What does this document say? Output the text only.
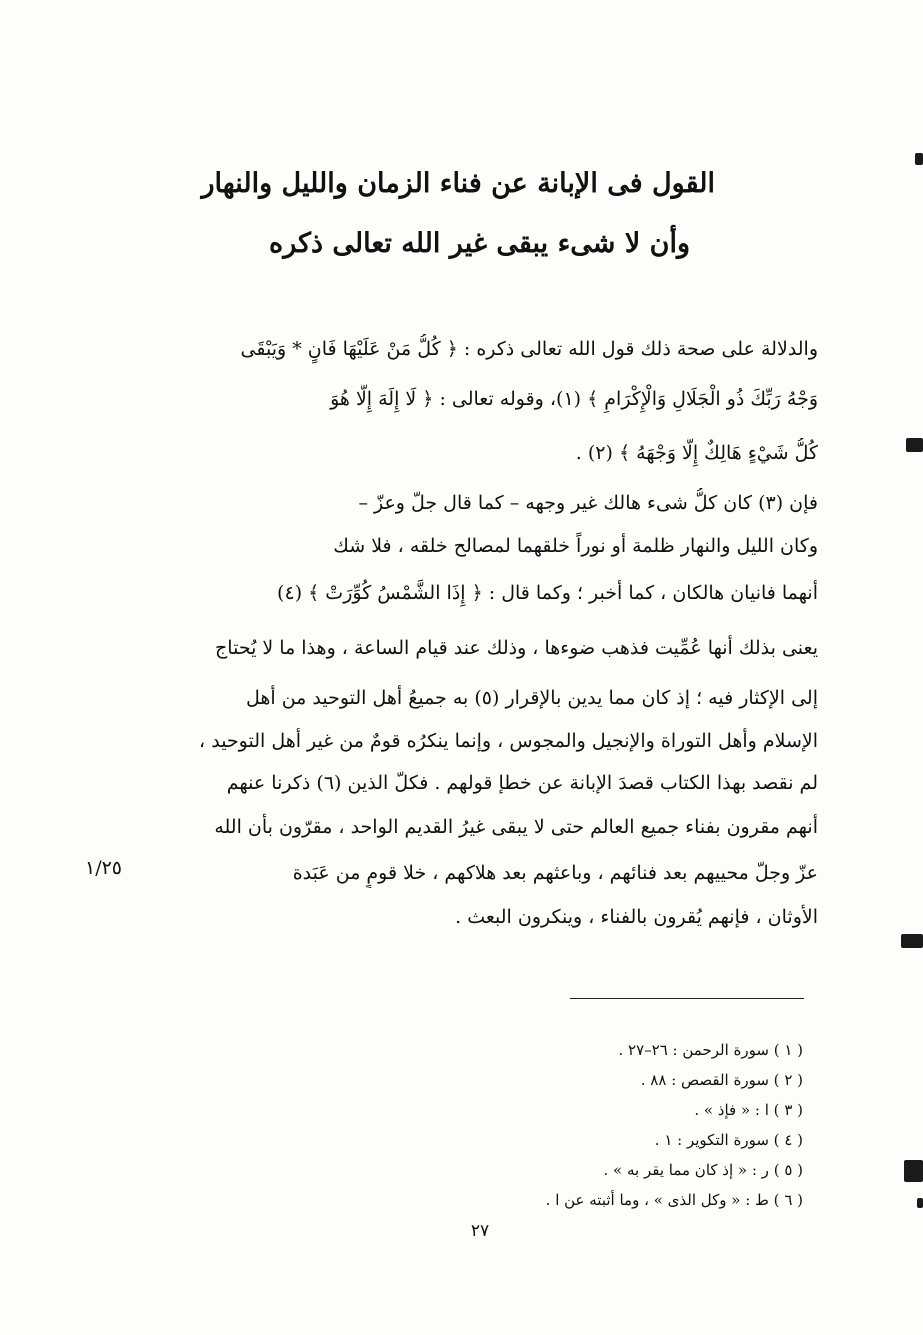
القول فى الإبانة عن فناء الزمان والليل والنهار
وأن لا شىء يبقى غير الله تعالى ذكره
والدلالة على صحة ذلك قول الله تعالى ذكره : ﴿ كُلُّ مَنْ عَلَيْهَا فَانٍ * وَيَبْقَى
وَجْهُ رَبِّكَ ذُو الْجَلَالِ وَالْإِكْرَامِ ﴾ (١)، وقوله تعالى : ﴿ لَا إِلَهَ إِلَّا هُوَ
كُلُّ شَيْءٍ هَالِكٌ إِلَّا وَجْهَهُ ﴾ (٢) .
فإن (٣) كان كلُّ شىء هالك غير وجهه – كما قال جلّ وعزّ –
وكان الليل والنهار ظلمة أو نوراً خلقهما لمصالح خلقه ، فلا شك
أنهما فانيان هالكان ، كما أخبر ؛ وكما قال : ﴿ إِذَا الشَّمْسُ كُوِّرَتْ ﴾ (٤)
يعنى بذلك أنها عُمِّيت فذهب ضوءها ، وذلك عند قيام الساعة ، وهذا ما لا يُحتاج
إلى الإكثار فيه ؛ إذ كان مما يدين بالإقرار (٥) به جميعُ أهل التوحيد من أهل
الإسلام وأهل التوراة والإنجيل والمجوس ، وإنما ينكرُه قومٌ من غير أهل التوحيد ،
لم نقصد بهذا الكتاب قصدَ الإبانة عن خطإ قولهم . فكلّ الذين (٦) ذكرنا عنهم
أنهم مقرون بفناء جميع العالم حتى لا يبقى غيرُ القديم الواحد ، مقرّون بأن الله
عزّ وجلّ محييهم بعد فنائهم ، وباعثهم بعد هلاكهم ، خلا قومٍ من عَبَدة
الأوثان ، فإنهم يُقرون بالفناء ، وينكرون البعث .
١/٢٥
( ١ ) سورة الرحمن : ٢٦–٢٧ .
( ٢ ) سورة القصص : ٨٨ .
( ٣ ) ا : « فإذ » .
( ٤ ) سورة التكوير : ١ .
( ٥ ) ر : « إذ كان مما يقر به » .
( ٦ ) ط : « وكل الذى » ، وما أثبته عن ا .
٢٧
